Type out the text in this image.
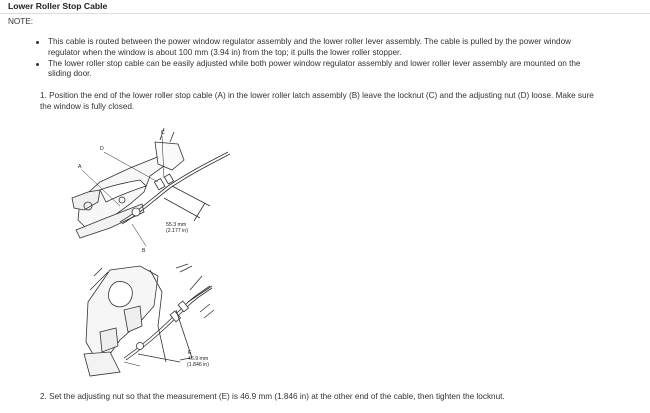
Lower Roller Stop Cable
NOTE:
This cable is routed between the power window regulator assembly and the lower roller lever assembly. The cable is pulled by the power window regulator when the window is about 100 mm (3.94 in) from the top; it pulls the lower roller stopper.
The lower roller stop cable can be easily adjusted while both power window regulator assembly and lower roller lever assembly are mounted on the sliding door.
1. Position the end of the lower roller stop cable (A) in the lower roller latch assembly (B) leave the locknut (C) and the adjusting nut (D) loose. Make sure the window is fully closed.
A
D
C
B
55.3 mm
(2.177 in)
E
46.9 mm
(1.846 in)
2. Set the adjusting nut so that the measurement (E) is 46.9 mm (1.846 in) at the other end of the cable, then tighten the locknut.
